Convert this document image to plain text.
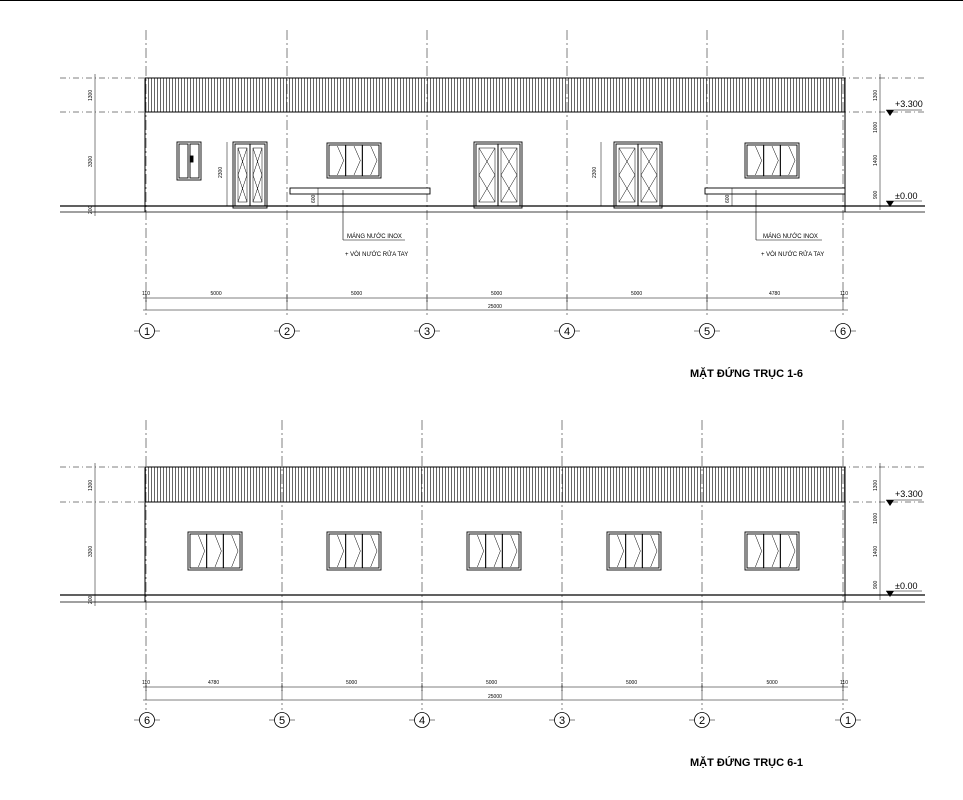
MÁNG NƯỚC INOX
+ VÒI NƯỚC RỬA TAY
MÁNG NƯỚC INOX
+ VÒI NƯỚC RỬA TAY
2300	2300
600	600
1300
3300
200
1300
1000
1400
900
+3.300
±0.00
110	110
5000	5000	5000	5000	4780
25000
1	2	3	4	5	6
MẶT ĐỨNG TRỤC 1-6
1300
3300
200
1300
1000
1400
900
+3.300
±0.00
110	110
4780	5000	5000	5000	5000
25000
6	5	4	3	2	1
MẶT ĐỨNG TRỤC 6-1
